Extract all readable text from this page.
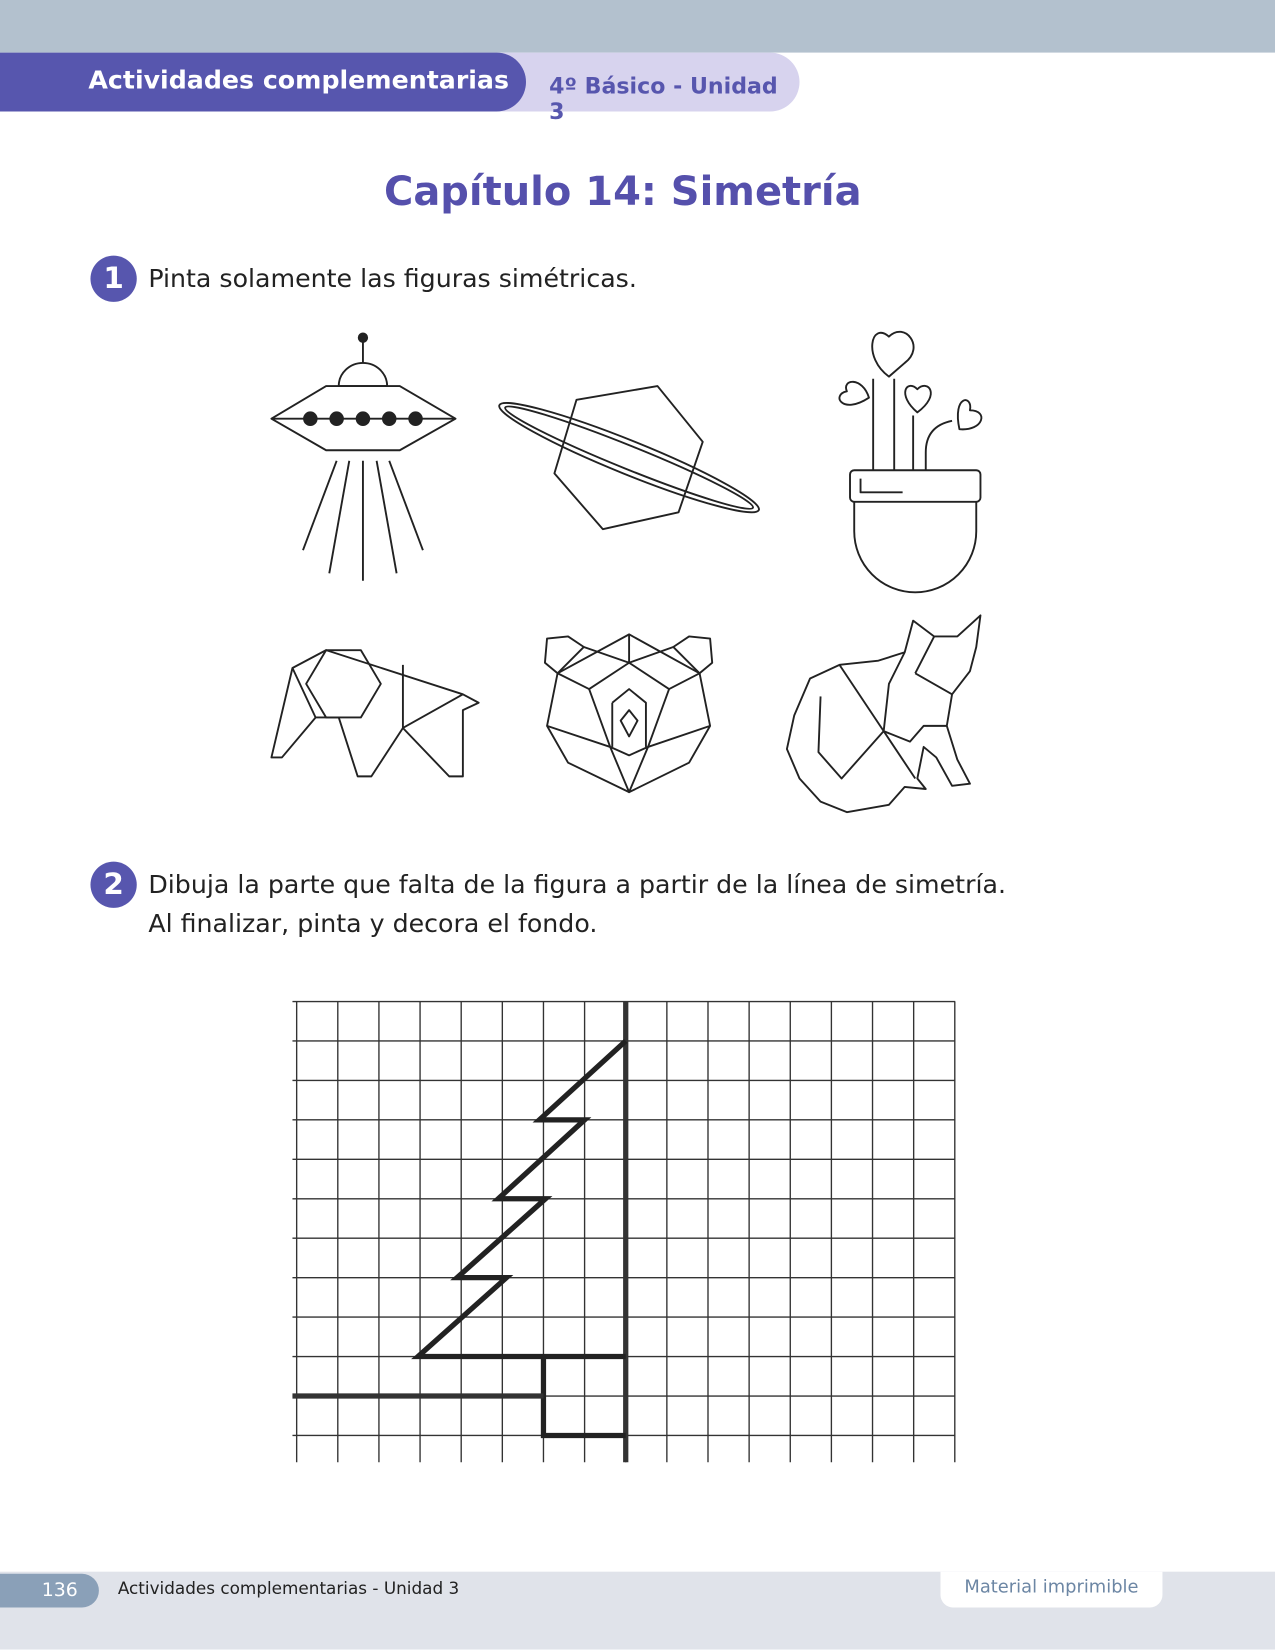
4º Básico - Unidad 3
Actividades complementarias
Capítulo 14: Simetría
1	Pinta solamente las figuras simétricas.
2	Dibuja la parte que falta de la figura a partir de la línea de simetría.
Al finalizar, pinta y decora el fondo.
136 Actividades complementarias - Unidad 3	Material imprimible
